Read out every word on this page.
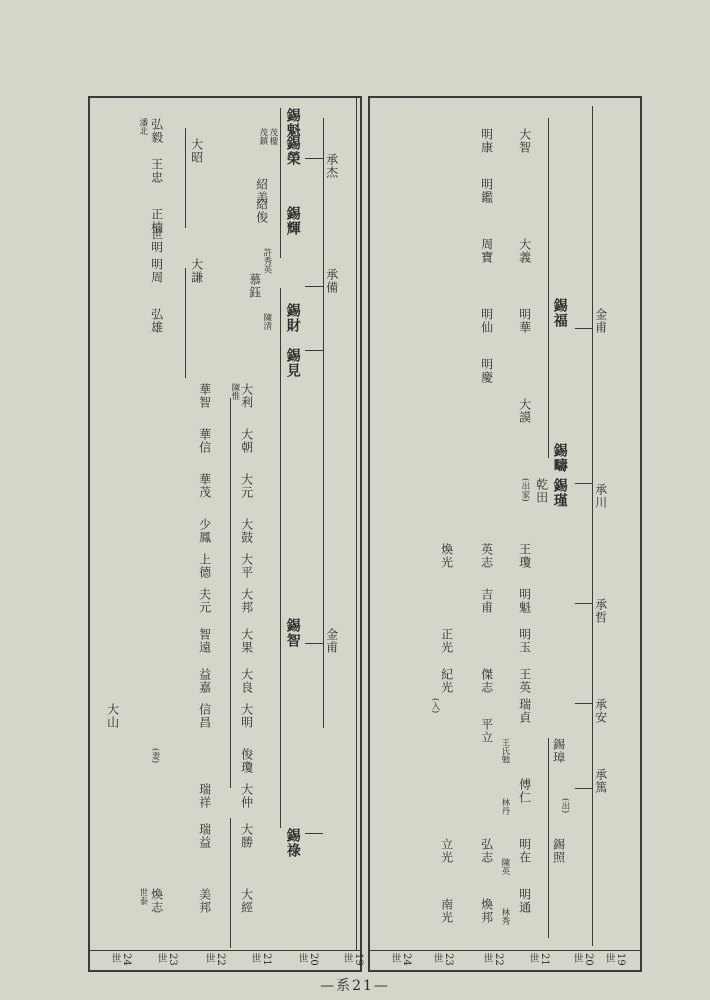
19世
20世
21世
22世
23世
24世
錫魁
承杰
錫榮
錫輝
承備
錫財
錫見
錫智 金甫
錫祿
茂楹
茂鎮
紹美
紹俊
許秀英
慕鈺
陳清
大利
陳惟
大朝
大元
大鼓
大平
大邦
大果
大良
大明
俊瓊
大仲
大勝
大經
華智
華信
華茂
少鳳
上德
夫元
智遠
益嘉
信昌
瑞祥
瑞益
美邦
弘毅
潘北
大昭
王忠
正楠
世明
大謙
明周
弘雄
(妻)
大山
煥志
世泰
19世
20世
21世
22世
23世
24世
金甫
錫福
錫疇
承川
錫瑾
乾田
(出家)
承哲
承安
承篤
大智
大義
明華
大謨
明魁
王瓊
明玉
王英
瑞貞
錫璋
傅仁
錫照
明在
明通
明康
明鑑
周寶
明仙
明慶
英志
吉甫
煥光
正光
紀光 傑志
(入)
平立
(出)
王氏勉
林丹
弘志
陳英
立光
林秀
煥邦
南光
—系21—
